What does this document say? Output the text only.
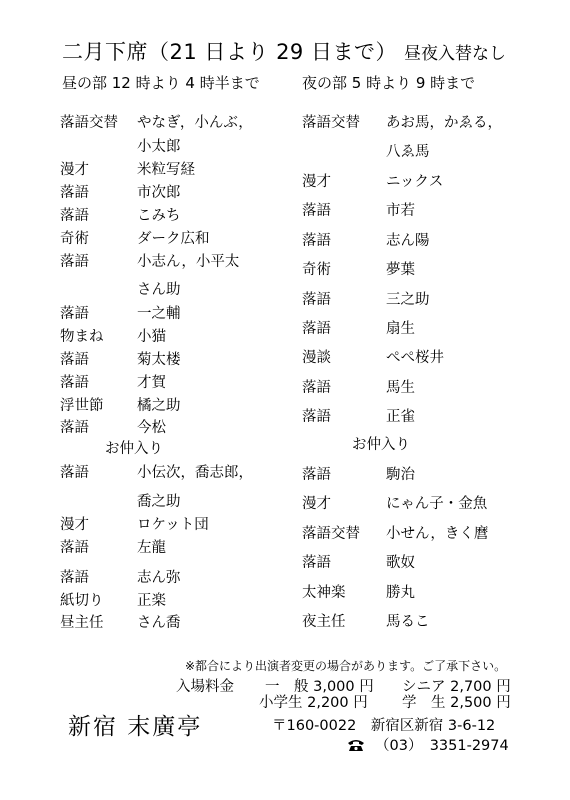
二月下席（21 日より 29 日まで） 昼夜入替なし
昼の部 12 時より 4 時半まで	夜の部 5 時より 9 時まで
落語交替 やなぎ，小んぶ，
小太郎
漫才	米粒写経
落語	市次郎
落語	こみち
奇術	ダーク広和
落語	小志ん，小平太
さん助
落語	一之輔
物まね 小猫
落語	菊太楼
落語	才賀
浮世節 橘之助
落語	今松
お仲入り
落語	小伝次，喬志郎，
喬之助
漫才	ロケット団
落語	左龍
落語	志ん弥
紙切り 正楽
昼主任 さん喬
落語交替 あお馬，かゑる，
八ゑ馬
漫才	ニックス
落語	市若
落語	志ん陽
奇術	夢葉
落語	三之助
落語	扇生
漫談	ぺぺ桜井
落語	馬生
落語	正雀
お仲入り
落語	駒治
漫才	にゃん子・金魚
落語交替 小せん，きく麿
落語	歌奴
太神楽	勝丸
夜主任	馬るこ
※都合により出演者変更の場合があります。ご了承下さい。
入場料金 一　般 3,000 円 シニア 2,700 円
小学生 2,200 円 学　生 2,500 円
新宿 末廣亭	〒160-0022　新宿区新宿 3-6-12
（03）　3351-2974
